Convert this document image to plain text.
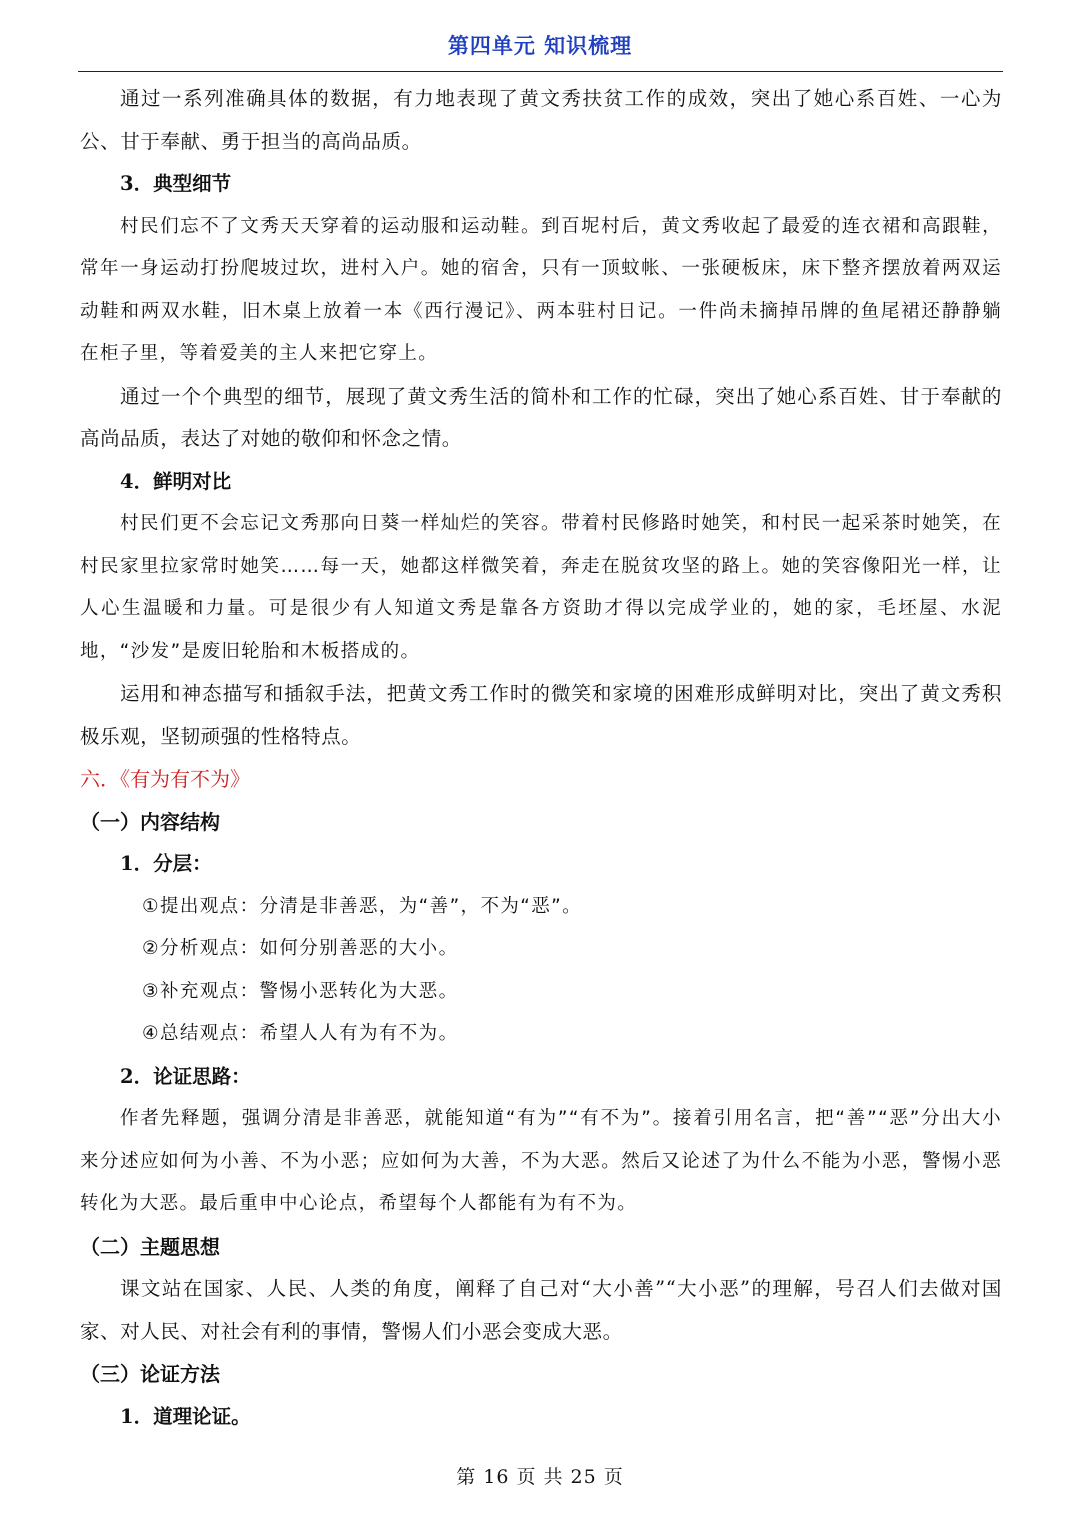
第四单元 知识梳理

通过一系列准确具体的数据，有力地表现了黄文秀扶贫工作的成效，突出了她心系百姓、一心为公、甘于奉献、勇于担当的高尚品质。

3．典型细节

村民们忘不了文秀天天穿着的运动服和运动鞋。到百坭村后，黄文秀收起了最爱的连衣裙和高跟鞋，常年一身运动打扮爬坡过坎，进村入户。她的宿舍，只有一顶蚊帐、一张硬板床，床下整齐摆放着两双运动鞋和两双水鞋，旧木桌上放着一本《西行漫记》、两本驻村日记。一件尚未摘掉吊牌的鱼尾裙还静静躺在柜子里，等着爱美的主人来把它穿上。

通过一个个典型的细节，展现了黄文秀生活的简朴和工作的忙碌，突出了她心系百姓、甘于奉献的高尚品质，表达了对她的敬仰和怀念之情。

4．鲜明对比

村民们更不会忘记文秀那向日葵一样灿烂的笑容。带着村民修路时她笑，和村民一起采茶时她笑，在村民家里拉家常时她笑……每一天，她都这样微笑着，奔走在脱贫攻坚的路上。她的笑容像阳光一样，让人心生温暖和力量。可是很少有人知道文秀是靠各方资助才得以完成学业的，她的家，毛坯屋、水泥地，“沙发”是废旧轮胎和木板搭成的。

运用和神态描写和插叙手法，把黄文秀工作时的微笑和家境的困难形成鲜明对比，突出了黄文秀积极乐观，坚韧顽强的性格特点。

六．《有为有不为》

（一）内容结构

1．分层：

①提出观点：分清是非善恶，为“善”，不为“恶”。

②分析观点：如何分别善恶的大小。

③补充观点：警惕小恶转化为大恶。

④总结观点：希望人人有为有不为。

2．论证思路：

作者先释题，强调分清是非善恶，就能知道“有为”“有不为”。接着引用名言，把“善”“恶”分出大小来分述应如何为小善、不为小恶；应如何为大善，不为大恶。然后又论述了为什么不能为小恶，警惕小恶转化为大恶。最后重申中心论点，希望每个人都能有为有不为。

（二）主题思想

课文站在国家、人民、人类的角度，阐释了自己对“大小善”“大小恶”的理解，号召人们去做对国家、对人民、对社会有利的事情，警惕人们小恶会变成大恶。

（三）论证方法

1．道理论证。

第 16 页 共 25 页
